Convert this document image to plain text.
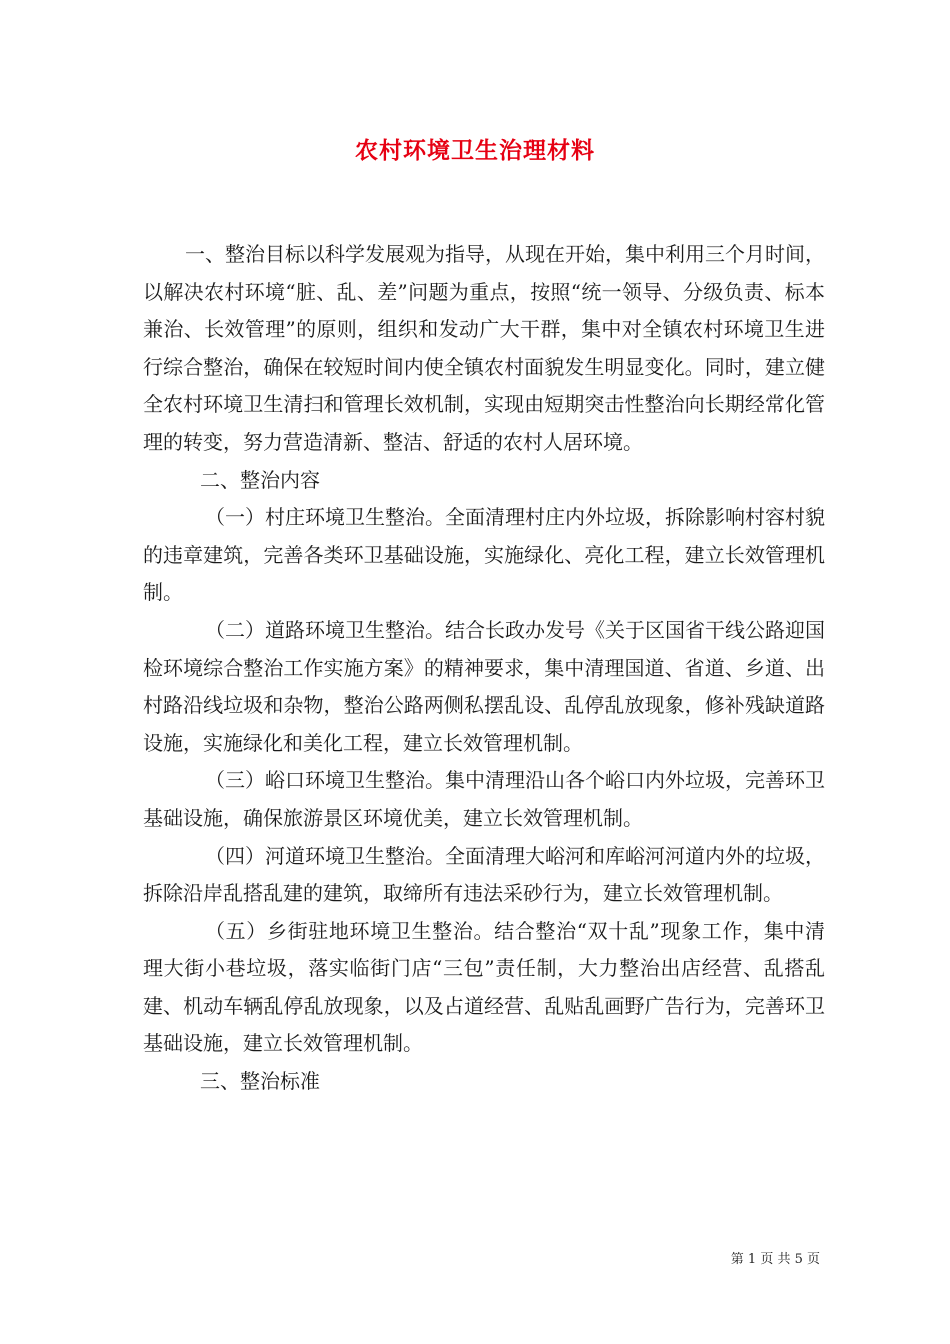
农村环境卫生治理材料

一、整治目标以科学发展观为指导，从现在开始，集中利用三个月时间，以解决农村环境“脏、乱、差”问题为重点，按照“统一领导、分级负责、标本兼治、长效管理”的原则，组织和发动广大干群，集中对全镇农村环境卫生进行综合整治，确保在较短时间内使全镇农村面貌发生明显变化。同时，建立健全农村环境卫生清扫和管理长效机制，实现由短期突击性整治向长期经常化管理的转变，努力营造清新、整洁、舒适的农村人居环境。

二、整治内容

（一）村庄环境卫生整治。全面清理村庄内外垃圾，拆除影响村容村貌的违章建筑，完善各类环卫基础设施，实施绿化、亮化工程，建立长效管理机制。

（二）道路环境卫生整治。结合长政办发号《关于区国省干线公路迎国检环境综合整治工作实施方案》的精神要求，集中清理国道、省道、乡道、出村路沿线垃圾和杂物，整治公路两侧私摆乱设、乱停乱放现象，修补残缺道路设施，实施绿化和美化工程，建立长效管理机制。

（三）峪口环境卫生整治。集中清理沿山各个峪口内外垃圾，完善环卫基础设施，确保旅游景区环境优美，建立长效管理机制。

（四）河道环境卫生整治。全面清理大峪河和库峪河河道内外的垃圾，拆除沿岸乱搭乱建的建筑，取缔所有违法采砂行为，建立长效管理机制。

（五）乡街驻地环境卫生整治。结合整治“双十乱”现象工作，集中清理大街小巷垃圾，落实临街门店“三包”责任制，大力整治出店经营、乱搭乱建、机动车辆乱停乱放现象，以及占道经营、乱贴乱画野广告行为，完善环卫基础设施，建立长效管理机制。

三、整治标准

第 1 页 共 5 页
